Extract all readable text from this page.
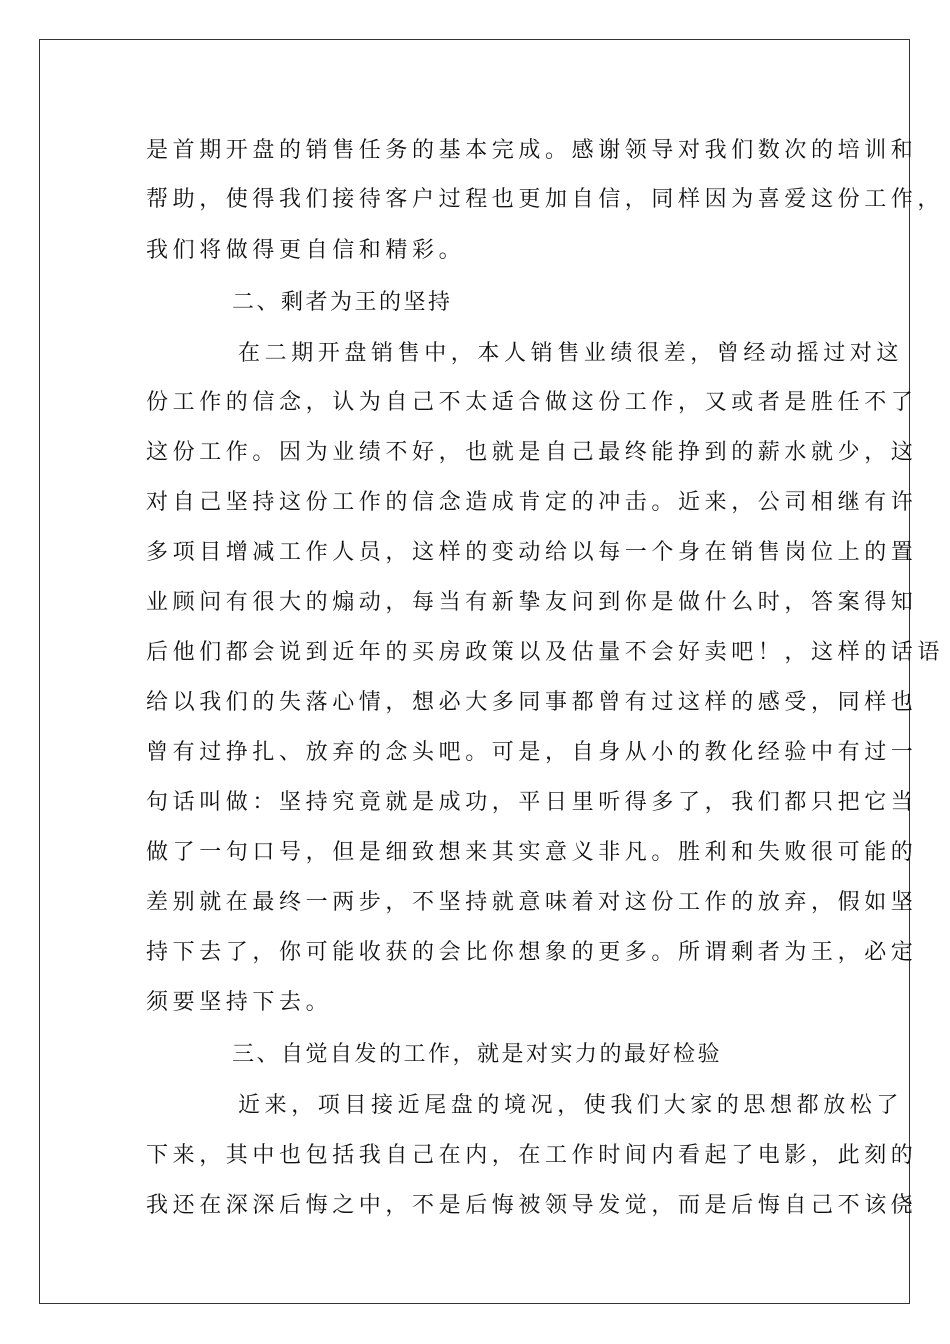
是首期开盘的销售任务的基本完成。感谢领导对我们数次的培训和
帮助，使得我们接待客户过程也更加自信，同样因为喜爱这份工作，
我们将做得更自信和精彩。
二、剩者为王的坚持
在二期开盘销售中，本人销售业绩很差，曾经动摇过对这
份工作的信念，认为自己不太适合做这份工作，又或者是胜任不了
这份工作。因为业绩不好，也就是自己最终能挣到的薪水就少，这
对自己坚持这份工作的信念造成肯定的冲击。近来，公司相继有许
多项目增减工作人员，这样的变动给以每一个身在销售岗位上的置
业顾问有很大的煽动，每当有新挚友问到你是做什么时，答案得知
后他们都会说到近年的买房政策以及估量不会好卖吧！，这样的话语
给以我们的失落心情，想必大多同事都曾有过这样的感受，同样也
曾有过挣扎、放弃的念头吧。可是，自身从小的教化经验中有过一
句话叫做：坚持究竟就是成功，平日里听得多了，我们都只把它当
做了一句口号，但是细致想来其实意义非凡。胜利和失败很可能的
差别就在最终一两步，不坚持就意味着对这份工作的放弃，假如坚
持下去了，你可能收获的会比你想象的更多。所谓剩者为王，必定
须要坚持下去。
三、自觉自发的工作，就是对实力的最好检验
近来，项目接近尾盘的境况，使我们大家的思想都放松了
下来，其中也包括我自己在内，在工作时间内看起了电影，此刻的
我还在深深后悔之中，不是后悔被领导发觉，而是后悔自己不该侥
